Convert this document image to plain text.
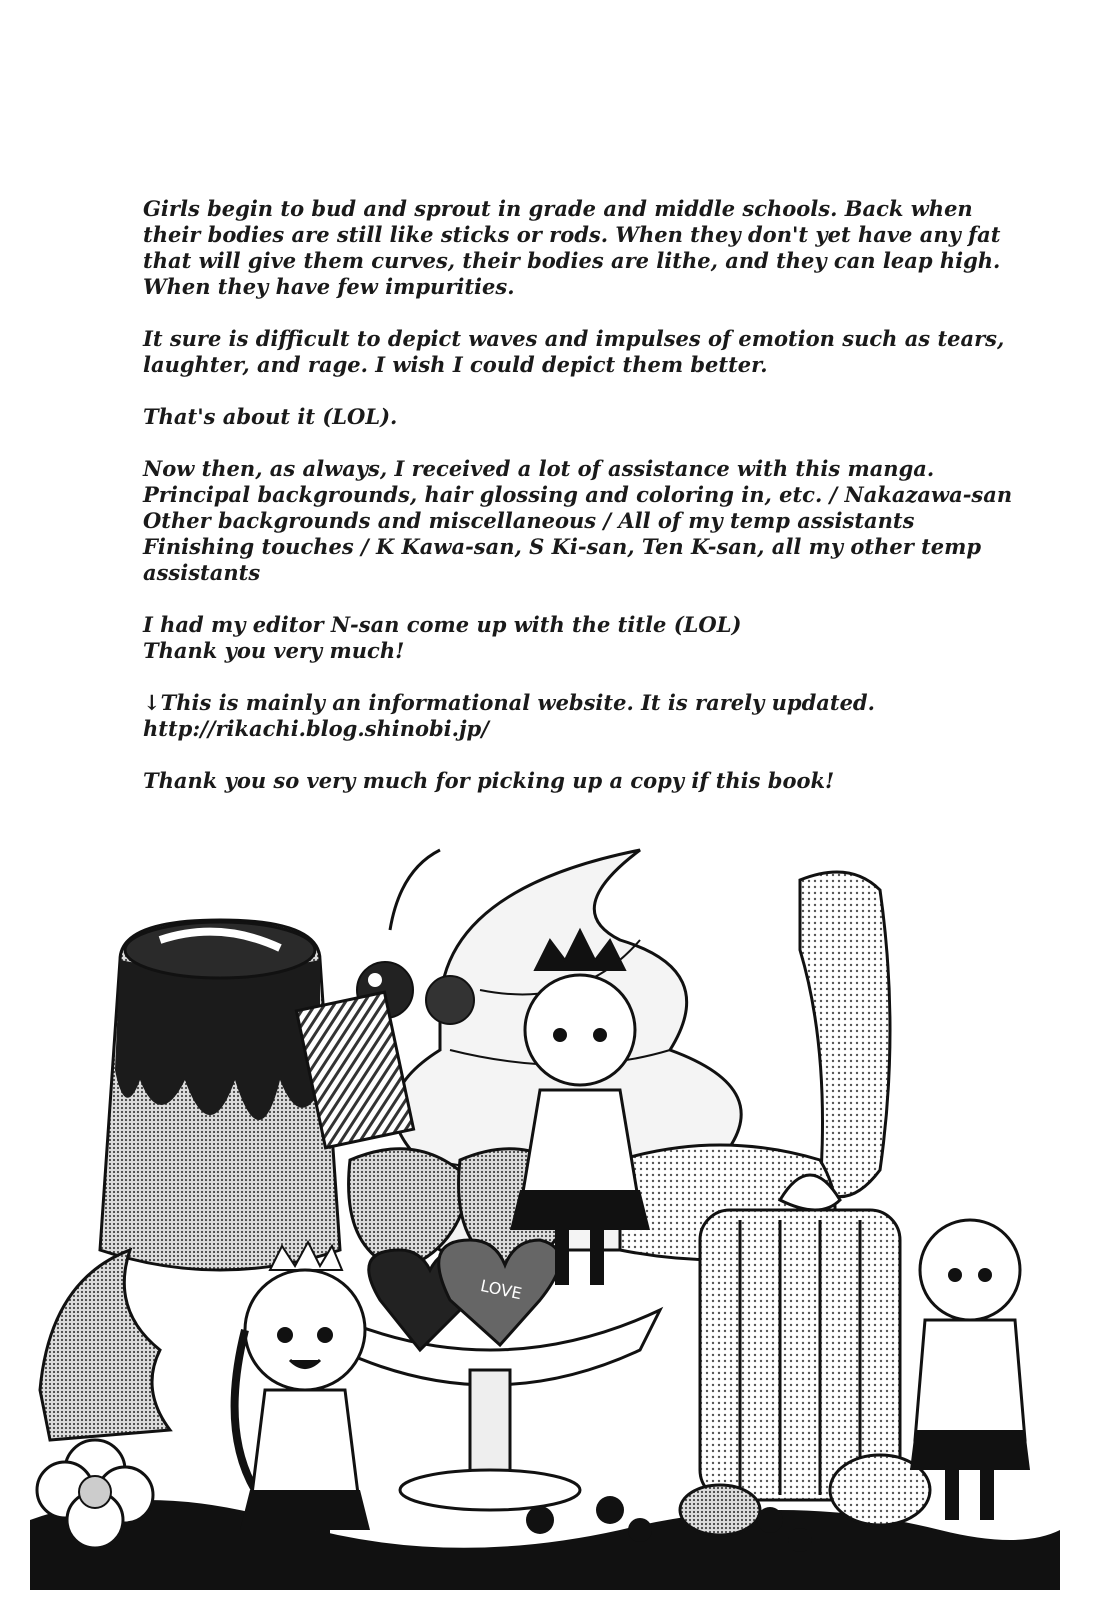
Girls begin to bud and sprout in grade and middle schools. Back when
their bodies are still like sticks or rods. When they don't yet have any fat
that will give them curves, their bodies are lithe, and they can leap high.
When they have few impurities.

It sure is difficult to depict waves and impulses of emotion such as tears,
laughter, and rage. I wish I could depict them better.

That's about it (LOL).

Now then, as always, I received a lot of assistance with this manga.
Principal backgrounds, hair glossing and coloring in, etc. / Nakazawa-san
Other backgrounds and miscellaneous / All of my temp assistants
Finishing touches / K Kawa-san, S Ki-san, Ten K-san, all my other temp
assistants

I had my editor N-san come up with the title (LOL)
Thank you very much!

↓This is mainly an informational website. It is rarely updated.
http://rikachi.blog.shinobi.jp/

Thank you so very much for picking up a copy if this book!

LOVE
